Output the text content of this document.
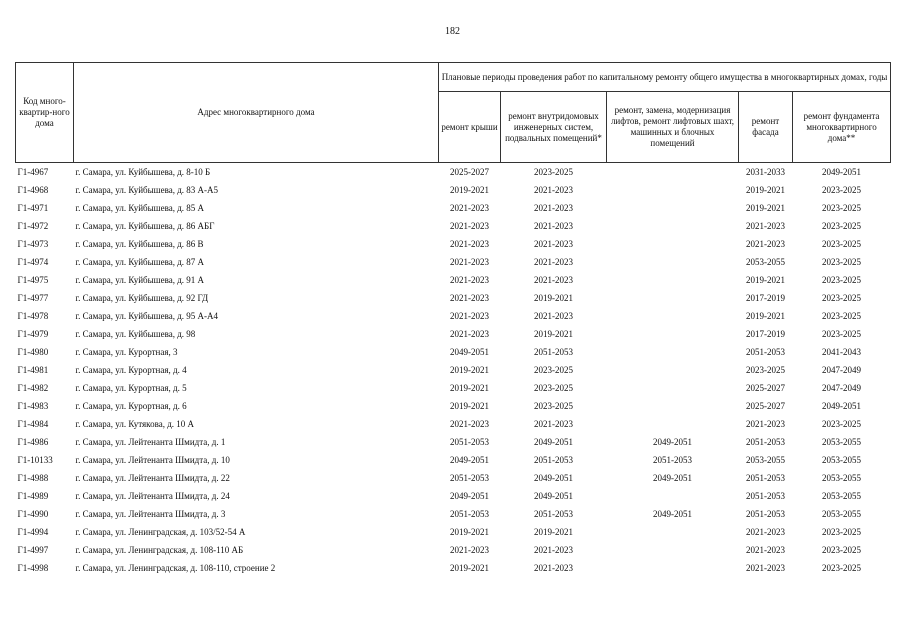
182
Код много-квартир-ного дома	Адрес многоквартирного дома	Плановые периоды проведения работ по капитальному ремонту общего имущества в многоквартирных домах, годы				
		ремонт крыши	ремонт внутридомовых инженерных систем, подвальных помещений*	ремонт, замена, модернизация лифтов, ремонт лифтовых шахт, машинных и блочных помещений	ремонт фасада	ремонт фундамента многоквартирного дома**
Г1-4967	г. Самара, ул. Куйбышева, д. 8-10 Б	2025-2027	2023-2025		2031-2033	2049-2051
Г1-4968	г. Самара, ул. Куйбышева, д. 83 А-А5	2019-2021	2021-2023		2019-2021	2023-2025
Г1-4971	г. Самара, ул. Куйбышева, д. 85 А	2021-2023	2021-2023		2019-2021	2023-2025
Г1-4972	г. Самара, ул. Куйбышева, д. 86 АБГ	2021-2023	2021-2023		2021-2023	2023-2025
Г1-4973	г. Самара, ул. Куйбышева, д. 86 В	2021-2023	2021-2023		2021-2023	2023-2025
Г1-4974	г. Самара, ул. Куйбышева, д. 87 А	2021-2023	2021-2023		2053-2055	2023-2025
Г1-4975	г. Самара, ул. Куйбышева, д. 91 А	2021-2023	2021-2023		2019-2021	2023-2025
Г1-4977	г. Самара, ул. Куйбышева, д. 92 ГД	2021-2023	2019-2021		2017-2019	2023-2025
Г1-4978	г. Самара, ул. Куйбышева, д. 95 А-А4	2021-2023	2021-2023		2019-2021	2023-2025
Г1-4979	г. Самара, ул. Куйбышева, д. 98	2021-2023	2019-2021		2017-2019	2023-2025
Г1-4980	г. Самара, ул. Курортная, 3	2049-2051	2051-2053		2051-2053	2041-2043
Г1-4981	г. Самара, ул. Курортная, д. 4	2019-2021	2023-2025		2023-2025	2047-2049
Г1-4982	г. Самара, ул. Курортная, д. 5	2019-2021	2023-2025		2025-2027	2047-2049
Г1-4983	г. Самара, ул. Курортная, д. 6	2019-2021	2023-2025		2025-2027	2049-2051
Г1-4984	г. Самара, ул. Кутякова, д. 10 А	2021-2023	2021-2023		2021-2023	2023-2025
Г1-4986	г. Самара, ул. Лейтенанта Шмидта, д. 1	2051-2053	2049-2051	2049-2051	2051-2053	2053-2055
Г1-10133	г. Самара, ул. Лейтенанта Шмидта, д. 10	2049-2051	2051-2053	2051-2053	2053-2055	2053-2055
Г1-4988	г. Самара, ул. Лейтенанта Шмидта, д. 22	2051-2053	2049-2051	2049-2051	2051-2053	2053-2055
Г1-4989	г. Самара, ул. Лейтенанта Шмидта, д. 24	2049-2051	2049-2051		2051-2053	2053-2055
Г1-4990	г. Самара, ул. Лейтенанта Шмидта, д. 3	2051-2053	2051-2053	2049-2051	2051-2053	2053-2055
Г1-4994	г. Самара, ул. Ленинградская, д. 103/52-54 А	2019-2021	2019-2021		2021-2023	2023-2025
Г1-4997	г. Самара, ул. Ленинградская, д. 108-110 АБ	2021-2023	2021-2023		2021-2023	2023-2025
Г1-4998	г. Самара, ул. Ленинградская, д. 108-110, строение 2	2019-2021	2021-2023		2021-2023	2023-2025
